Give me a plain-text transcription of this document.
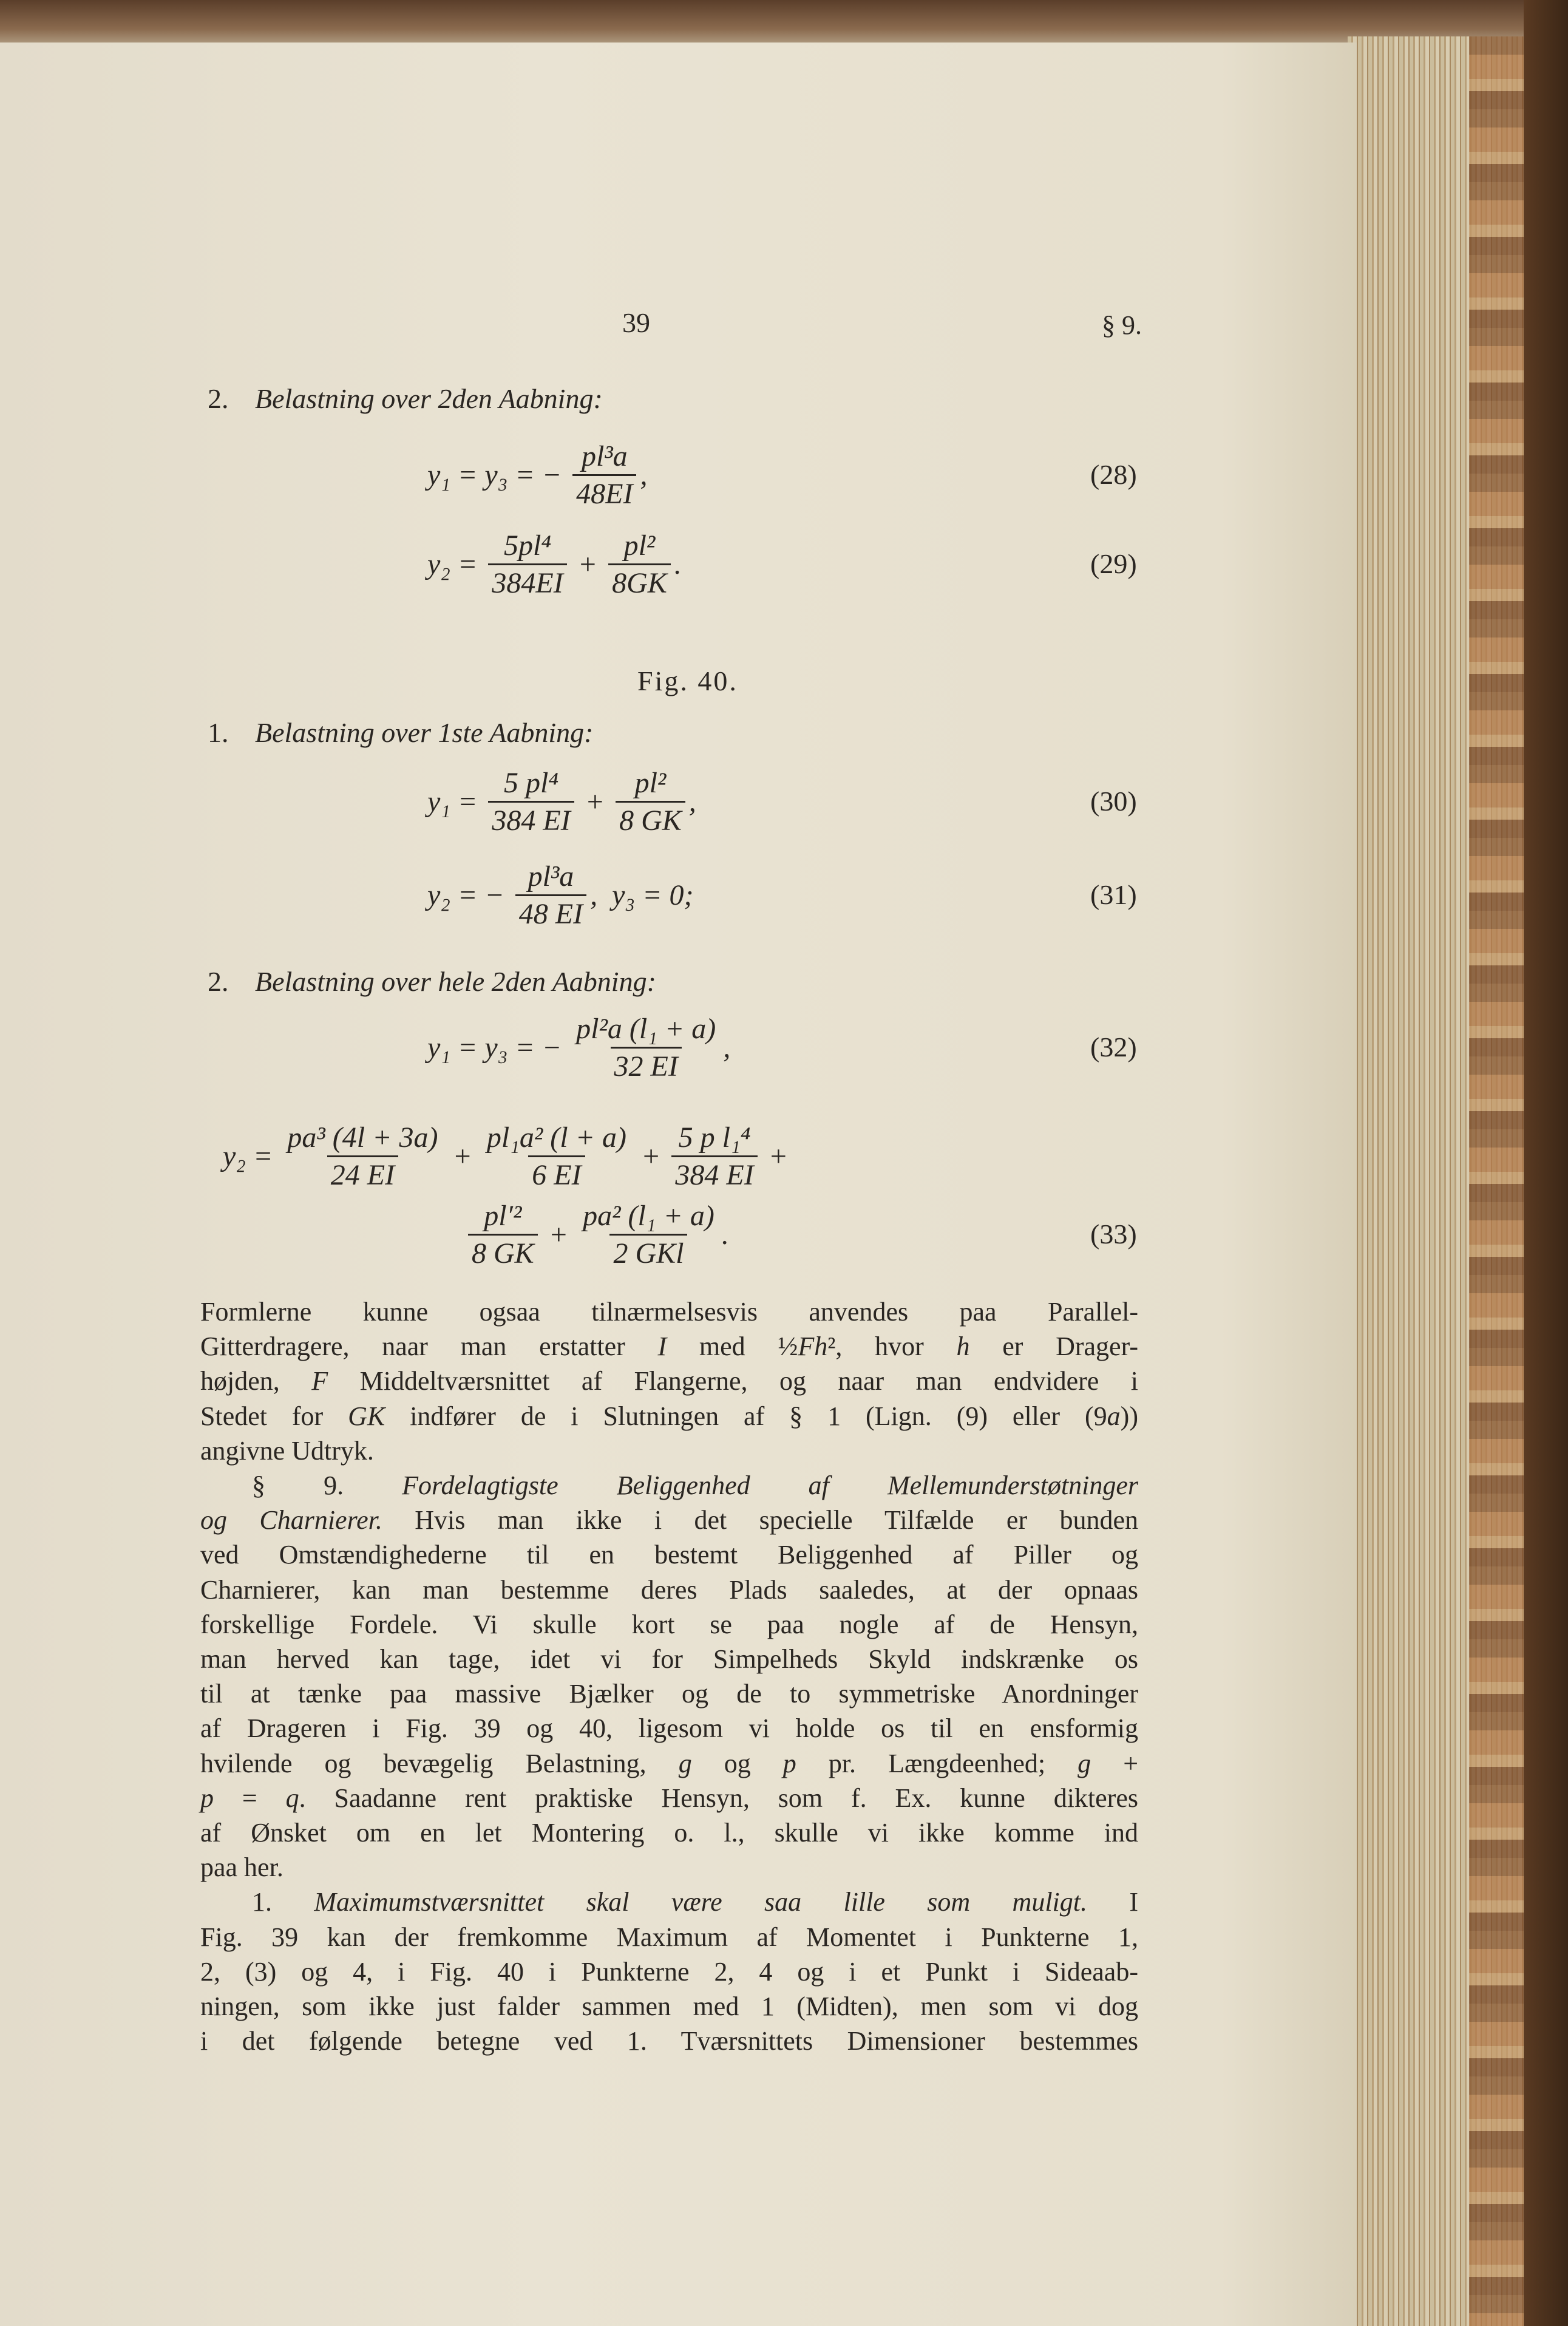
39	§ 9.
2. Belastning over 2den Aabning:
1. Belastning over 1ste Aabning:
2. Belastning over hele 2den Aabning:
Fig. 40.
y₁ = y₃ = − $\frac{\text{pl³a}}{48EI}$ ,	(28)
$y_2 = \frac{\text{5pl⁴}}{384EI} + \frac{\text{pl²}}{8GK}$ .	(29)
$y_1 = \frac{\text{5 pl⁴}}{384 EI} + \frac{\text{pl²}}{8 GK}$ ,	(30)
y₂ = − $\frac{\text{pl³a}}{48 EI}$ ,  y₃ = 0;	(31)
y₁ = y₃ = − $\frac{\text{pl²a (l₁ + a)}}{32 EI}$ ,	(32)
$y_2 = \frac{\text{pa³ (4l + 3a)}}{24 EI} + \frac{\text{pl₁a² (l + a)}}{6 EI} + \frac{\text{5 p l₁⁴}}{384 EI}$ +
$\frac{\text{pl′²}}{8 GK} + \frac{\text{pa² (l₁ + a)}}{\text{2 GKl}}$ .	(33)
Formlerne kunne ogsaa tilnærmelsesvis anvendes paa Parallel-
Gitterdragere, naar man erstatter I med ½Fh², hvor h er Drager-
højden, F Middeltværsnittet af Flangerne, og naar man endvidere i
Stedet for GK indfører de i Slutningen af § 1 (Lign. (9) eller (9a))
angivne Udtryk.
§ 9. Fordelagtigste Beliggenhed af Mellemunderstøtninger
og Charnierer. Hvis man ikke i det specielle Tilfælde er bunden
ved Omstændighederne til en bestemt Beliggenhed af Piller og
Charnierer, kan man bestemme deres Plads saaledes, at der opnaas
forskellige Fordele. Vi skulle kort se paa nogle af de Hensyn,
man herved kan tage, idet vi for Simpelheds Skyld indskrænke os
til at tænke paa massive Bjælker og de to symmetriske Anordninger
af Drageren i Fig. 39 og 40, ligesom vi holde os til en ensformig
hvilende og bevægelig Belastning, g og p pr. Længdeenhed; g +
p = q. Saadanne rent praktiske Hensyn, som f. Ex. kunne dikteres
af Ønsket om en let Montering o. l., skulle vi ikke komme ind
paa her.
1. Maximumstværsnittet skal være saa lille som muligt. I
Fig. 39 kan der fremkomme Maximum af Momentet i Punkterne 1,
2, (3) og 4, i Fig. 40 i Punkterne 2, 4 og i et Punkt i Sideaab-
ningen, som ikke just falder sammen med 1 (Midten), men som vi dog
i det følgende betegne ved 1. Tværsnittets Dimensioner bestemmes
